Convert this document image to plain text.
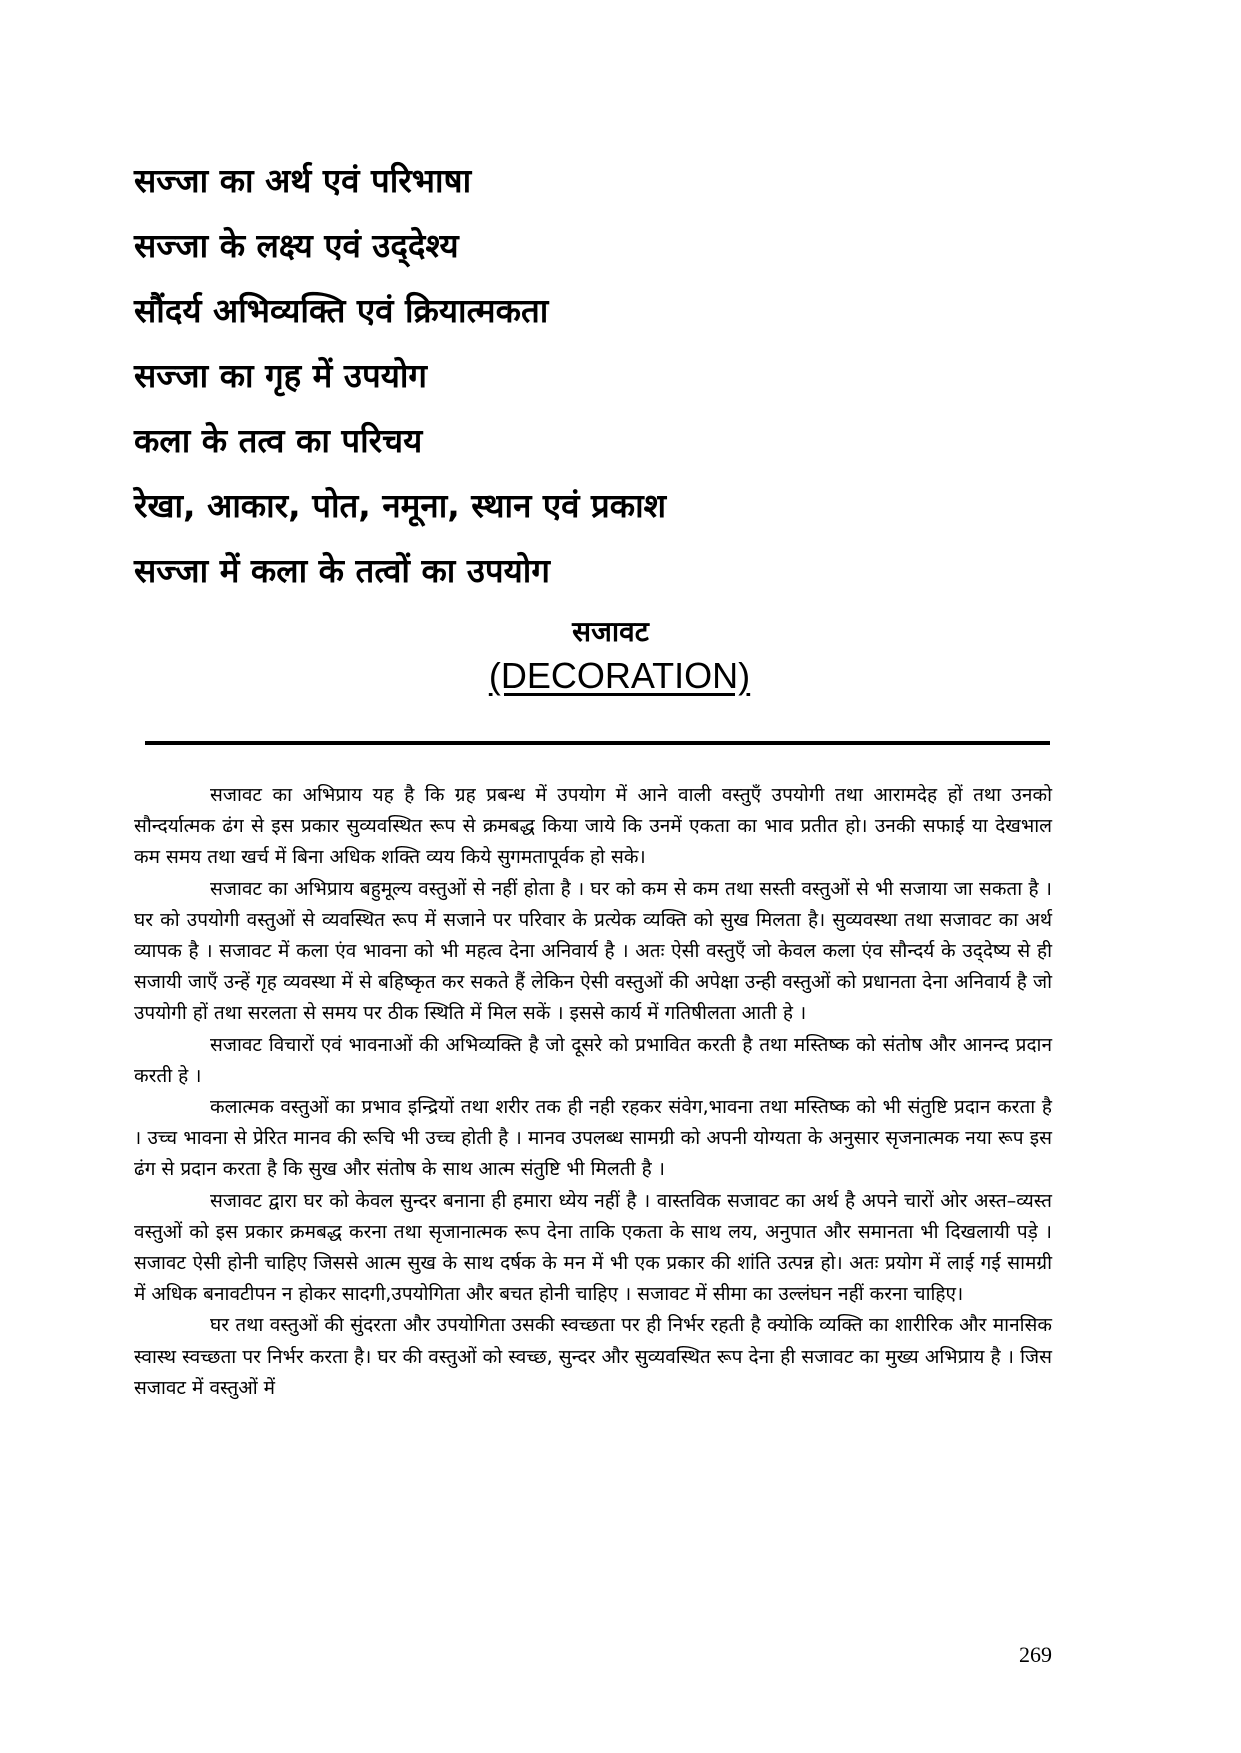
सज्जा का अर्थ एवं परिभाषा
सज्जा के लक्ष्य एवं उद्‍देश्य
सौंदर्य अभिव्यक्ति एवं क्रियात्मकता
सज्जा का गृह में उपयोग
कला के तत्व का परिचय
रेखा, आकार, पोत, नमूना, स्थान एवं प्रकाश
सज्जा में कला के तत्वों का उपयोग
सजावट
(DECORATION)

सजावट का अभिप्राय यह है कि ग्रह प्रबन्ध में उपयोग में आने वाली वस्तुएँ उपयोगी तथा आरामदेह हों तथा उनको सौन्दर्यात्मक ढंग से इस प्रकार सुव्यवस्थित रूप से क्रमबद्ध किया जाये कि उनमें एकता का भाव प्रतीत हो। उनकी सफाई या देखभाल कम समय तथा खर्च में बिना अधिक शक्ति व्यय किये सुगमतापूर्वक हो सके।

सजावट का अभिप्राय बहुमूल्य वस्तुओं से नहीं होता है । घर को कम से कम तथा सस्ती वस्तुओं से भी सजाया जा सकता है । घर को उपयोगी वस्तुओं से व्यवस्थित रूप में सजाने पर परिवार के प्रत्येक व्यक्ति को सुख मिलता है। सुव्यवस्था तथा सजावट का अर्थ व्यापक है । सजावट में कला एंव भावना को भी महत्व देना अनिवार्य है । अतः ऐसी वस्तुएँ जो केवल कला एंव सौन्दर्य के उद्‍देष्य से ही सजायी जाएँ उन्हें गृह व्यवस्था में से बहिष्कृत कर सकते हैं लेकिन ऐसी वस्तुओं की अपेक्षा उन्ही वस्तुओं को प्रधानता देना अनिवार्य है जो उपयोगी हों तथा सरलता से समय पर ठीक स्थिति में मिल सकें । इससे कार्य में गतिषीलता आती हे ।

सजावट विचारों एवं भावनाओं की अभिव्यक्ति है जो दूसरे को प्रभावित करती है तथा मस्तिष्क को संतोष और आनन्द प्रदान करती हे ।

कलात्मक वस्तुओं का प्रभाव इन्द्रियों तथा शरीर तक ही नही रहकर संवेग,भावना तथा मस्तिष्क को भी संतुष्टि प्रदान करता है । उच्च भावना से प्रेरित मानव की रूचि भी उच्च होती है । मानव उपलब्ध सामग्री को अपनी योग्यता के अनुसार सृजनात्मक नया रूप इस ढंग से प्रदान करता है कि सुख और संतोष के साथ आत्म संतुष्टि भी मिलती है ।

सजावट द्वारा घर को केवल सुन्दर बनाना ही हमारा ध्येय नहीं है । वास्तविक सजावट का अर्थ है अपने चारों ओर अस्त–व्यस्त वस्तुओं को इस प्रकार क्रमबद्ध करना तथा सृजानात्मक रूप देना ताकि एकता के साथ लय, अनुपात और समानता भी दिखलायी पड़े । सजावट ऐसी होनी चाहिए जिससे आत्म सुख के साथ दर्षक के मन में भी एक प्रकार की शांति उत्पन्न हो। अतः प्रयोग में लाई गई सामग्री में अधिक बनावटीपन न होकर सादगी,उपयोगिता और बचत होनी चाहिए । सजावट में सीमा का उल्लंघन नहीं करना चाहिए।

घर तथा वस्तुओं की सुंदरता और उपयोगिता उसकी स्वच्छता पर ही निर्भर रहती है क्योकि व्यक्ति का शारीरिक और मानसिक स्वास्थ स्वच्छता पर निर्भर करता है। घर की वस्तुओं को स्वच्छ, सुन्दर और सुव्यवस्थित रूप देना ही सजावट का मुख्य अभिप्राय है । जिस सजावट में वस्तुओं में

269
